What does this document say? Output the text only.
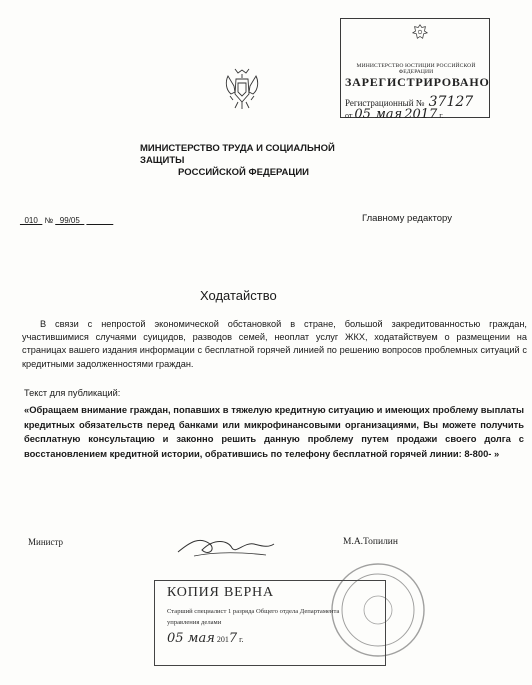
МИНИСТЕРСТВО ЮСТИЦИИ РОССИЙСКОЙ ФЕДЕРАЦИИ
ЗАРЕГИСТРИРОВАНО
Регистрационный № 37127
от 05 мая 2017 г.
МИНИСТЕРСТВО ТРУДА И СОЦИАЛЬНОЙ ЗАЩИТЫ
РОССИЙСКОЙ ФЕДЕРАЦИИ
_010_ № _99/05_ ______	Главному редактору
Ходатайство
В связи с непростой экономической обстановкой в стране, большой закредитованностью граждан, участившимися случаями суицидов, разводов семей, неоплат услуг ЖКХ, ходатайствуем о размещении на страницах вашего издания информации с бесплатной горячей линией по решению вопросов проблемных ситуаций с кредитными задолженностями граждан.
Текст для публикаций:
«Обращаем внимание граждан, попавших в тяжелую кредитную ситуацию и имеющих проблему выплаты кредитных обязательств перед банками или микрофинансовыми организациями, Вы можете получить бесплатную консультацию и законно решить данную проблему путем продажи своего долга с восстановлением кредитной истории, обратившись по телефону бесплатной горячей линии: 8-800- »
Министр	М.А.Топилин
КОПИЯ ВЕРНА
Старший специалист 1 разряда Общего отдела Департамента
управления делами
05 мая 2017 г.
